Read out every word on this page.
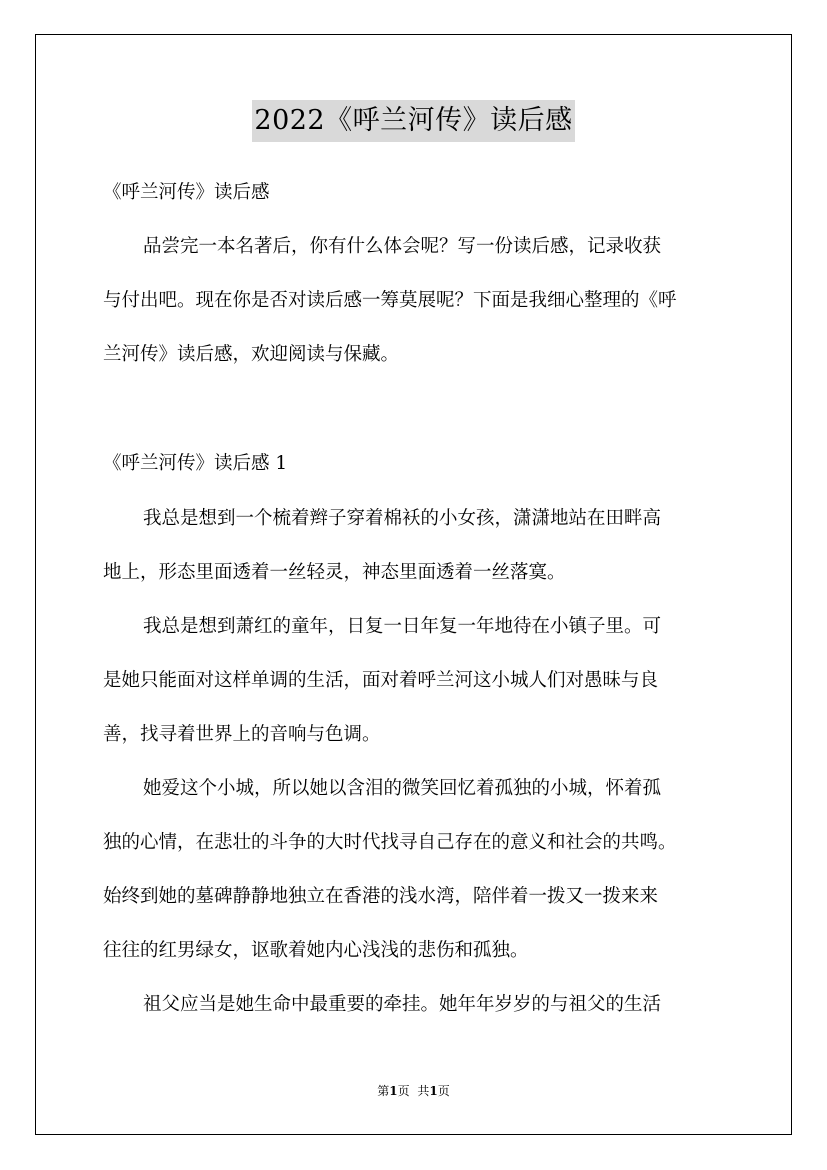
2022《呼兰河传》读后感
《呼兰河传》读后感
品尝完一本名著后，你有什么体会呢？写一份读后感，记录收获
与付出吧。现在你是否对读后感一筹莫展呢？下面是我细心整理的《呼
兰河传》读后感，欢迎阅读与保藏。
《呼兰河传》读后感 1
我总是想到一个梳着辫子穿着棉袄的小女孩，潇潇地站在田畔高
地上，形态里面透着一丝轻灵，神态里面透着一丝落寞。
我总是想到萧红的童年，日复一日年复一年地待在小镇子里。可
是她只能面对这样单调的生活，面对着呼兰河这小城人们对愚昧与良
善，找寻着世界上的音响与色调。
她爱这个小城，所以她以含泪的微笑回忆着孤独的小城，怀着孤
独的心情，在悲壮的斗争的大时代找寻自己存在的意义和社会的共鸣。
始终到她的墓碑静静地独立在香港的浅水湾，陪伴着一拨又一拨来来
往往的红男绿女，讴歌着她内心浅浅的悲伤和孤独。
祖父应当是她生命中最重要的牵挂。她年年岁岁的与祖父的生活
第1页 共1页
